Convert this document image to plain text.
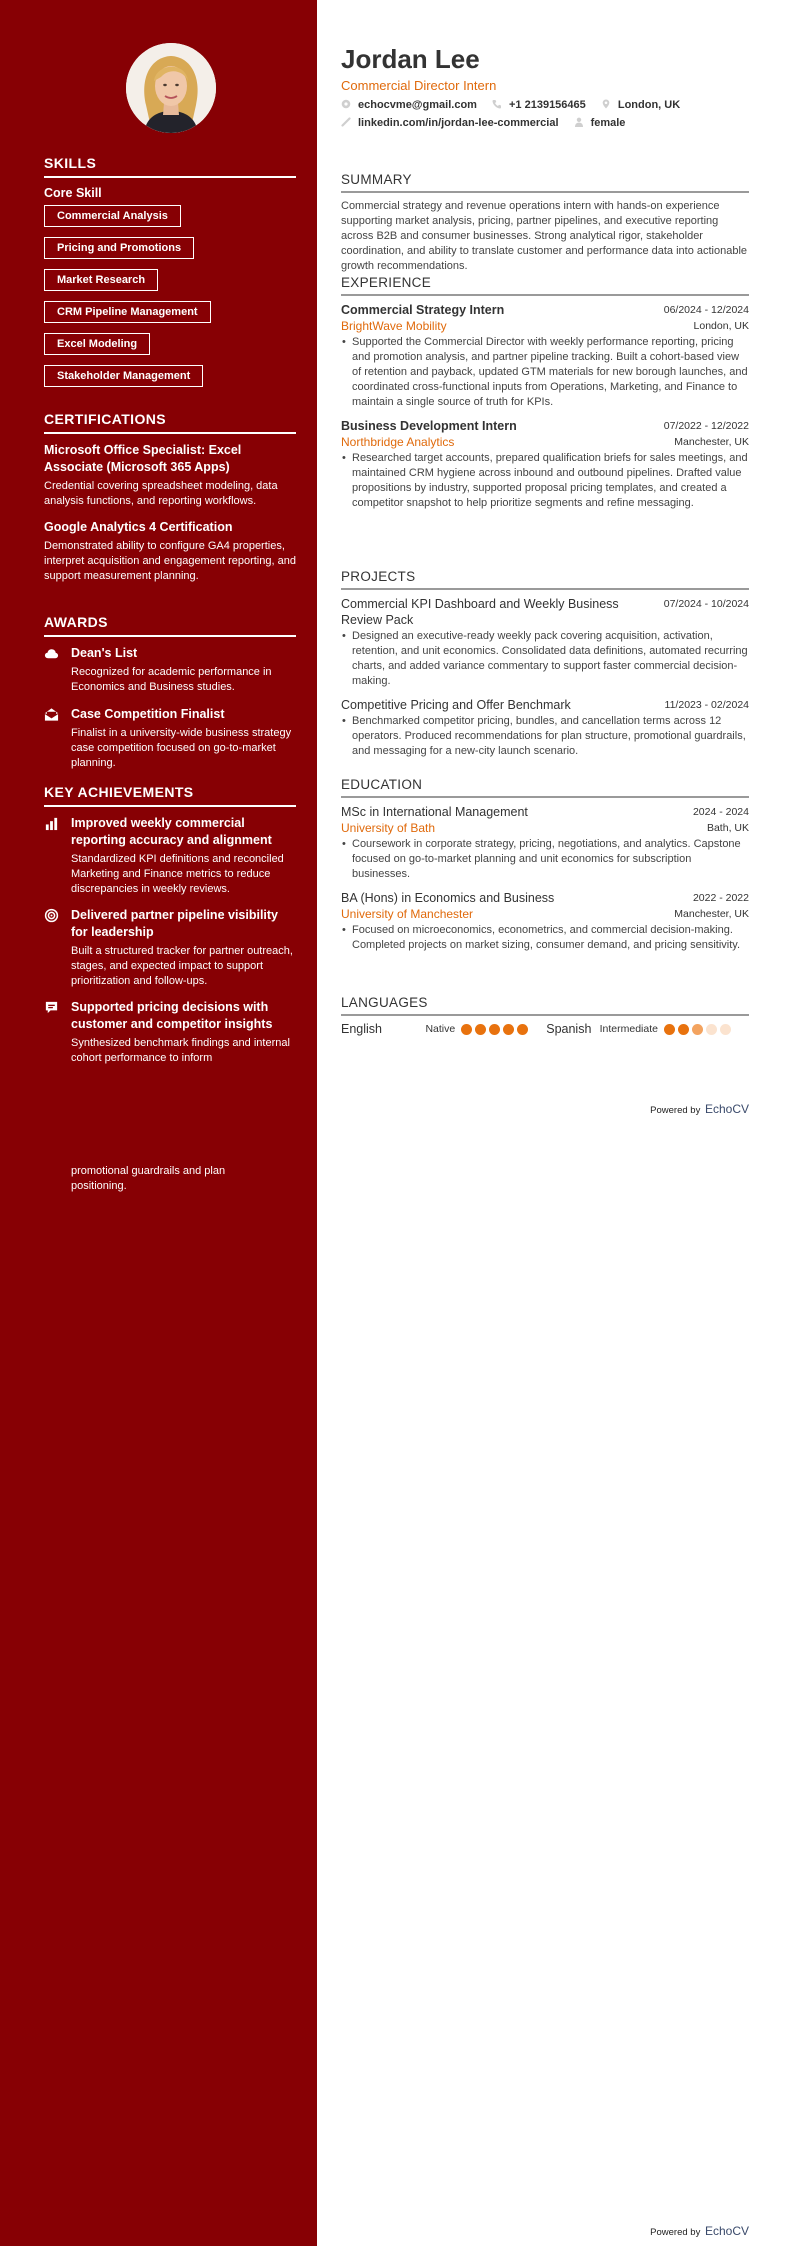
SKILLS
Core Skill
Commercial Analysis
Pricing and Promotions
Market Research
CRM Pipeline Management
Excel Modeling
Stakeholder Management
CERTIFICATIONS
Microsoft Office Specialist: Excel Associate (Microsoft 365 Apps)
Credential covering spreadsheet modeling, data analysis functions, and reporting workflows.
Google Analytics 4 Certification
Demonstrated ability to configure GA4 properties, interpret acquisition and engagement reporting, and support measurement planning.
AWARDS
Dean's List
Recognized for academic performance in Economics and Business studies.
Case Competition Finalist
Finalist in a university-wide business strategy case competition focused on go-to-market planning.
KEY ACHIEVEMENTS
Improved weekly commercial reporting accuracy and alignment
Standardized KPI definitions and reconciled Marketing and Finance metrics to reduce discrepancies in weekly reviews.
Delivered partner pipeline visibility for leadership
Built a structured tracker for partner outreach, stages, and expected impact to support prioritization and follow-ups.
Supported pricing decisions with customer and competitor insights
Synthesized benchmark findings and internal cohort performance to inform
promotional guardrails and plan positioning.
Jordan Lee
Commercial Director Intern
echocvme@gmail.com	+1 2139156465	London, UK
linkedin.com/in/jordan-lee-commercial	female
SUMMARY
Commercial strategy and revenue operations intern with hands-on experience supporting market analysis, pricing, partner pipelines, and executive reporting across B2B and consumer businesses. Strong analytical rigor, stakeholder coordination, and ability to translate customer and performance data into actionable growth recommendations.
EXPERIENCE
Commercial Strategy Intern	06/2024 - 12/2024
BrightWave Mobility	London, UK
• Supported the Commercial Director with weekly performance reporting, pricing and promotion analysis, and partner pipeline tracking. Built a cohort-based view of retention and payback, updated GTM materials for new borough launches, and coordinated cross-functional inputs from Operations, Marketing, and Finance to maintain a single source of truth for KPIs.
Business Development Intern	07/2022 - 12/2022
Northbridge Analytics	Manchester, UK
• Researched target accounts, prepared qualification briefs for sales meetings, and maintained CRM hygiene across inbound and outbound pipelines. Drafted value propositions by industry, supported proposal pricing templates, and created a competitor snapshot to help prioritize segments and refine messaging.
PROJECTS
Commercial KPI Dashboard and Weekly Business Review Pack
07/2024 - 10/2024
• Designed an executive-ready weekly pack covering acquisition, activation, retention, and unit economics. Consolidated data definitions, automated recurring charts, and added variance commentary to support faster commercial decision-making.
Competitive Pricing and Offer Benchmark	11/2023 - 02/2024
• Benchmarked competitor pricing, bundles, and cancellation terms across 12 operators. Produced recommendations for plan structure, promotional guardrails, and messaging for a new-city launch scenario.
EDUCATION
MSc in International Management	2024 - 2024
University of Bath	Bath, UK
• Coursework in corporate strategy, pricing, negotiations, and analytics. Capstone focused on go-to-market planning and unit economics for subscription businesses.
BA (Hons) in Economics and Business	2022 - 2022
University of Manchester	Manchester, UK
• Focused on microeconomics, econometrics, and commercial decision-making. Completed projects on market sizing, consumer demand, and pricing sensitivity.
LANGUAGES
English	Native	Spanish Intermediate
Powered by EchoCV
Powered by EchoCV
